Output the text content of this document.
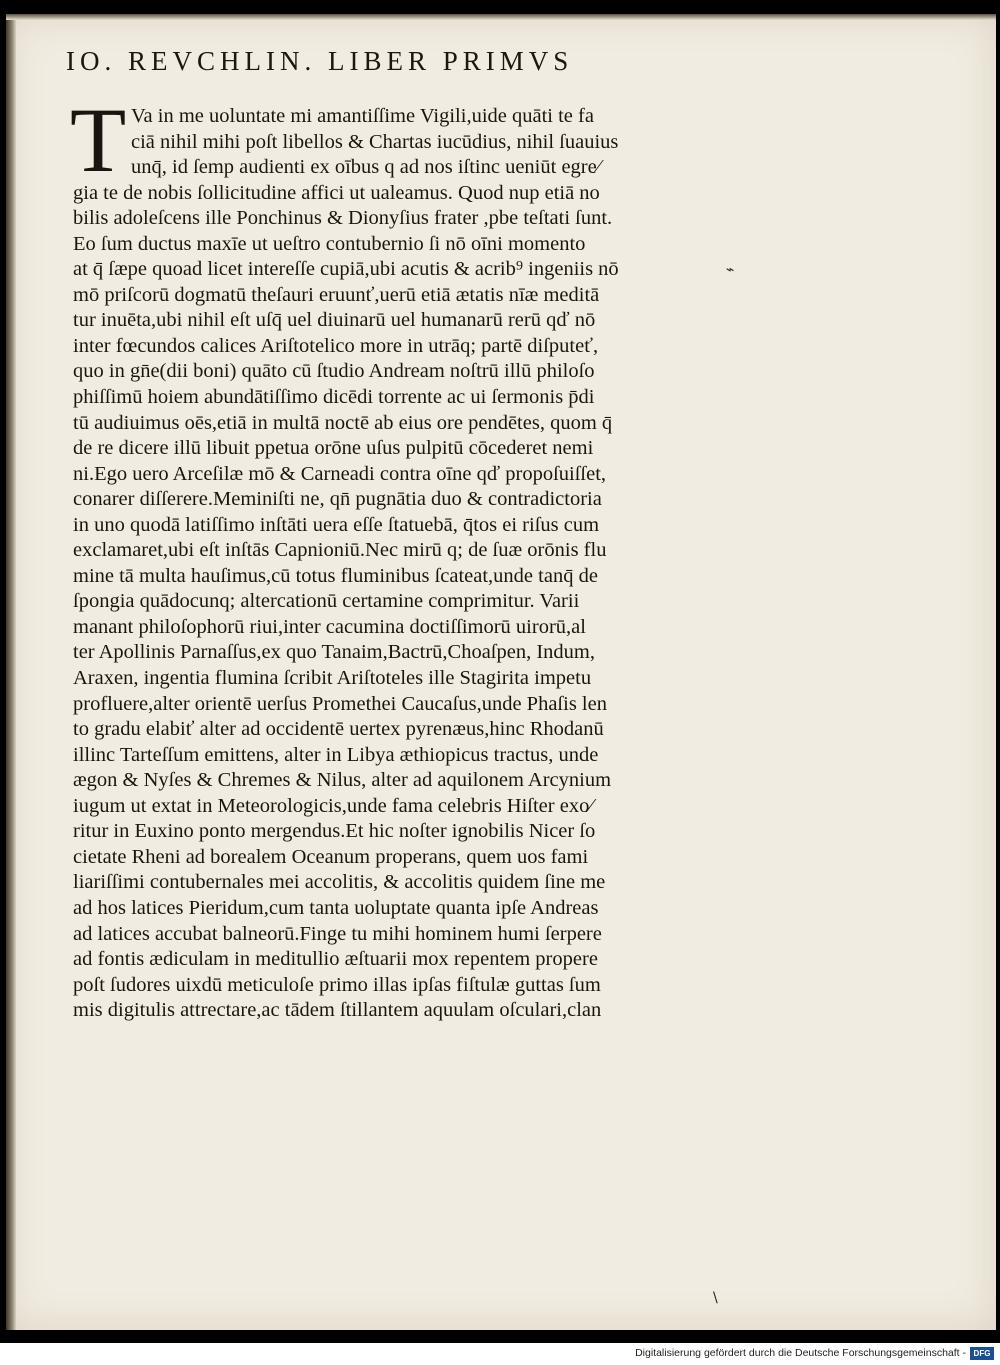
IO. REVCHLIN. LIBER PRIMVS
T Va in me uoluntate mi amantiſſime Vigili,uide quāti te fa
ciā nihil mihi poſt libellos & Chartas iucūdius, nihil ſuauius
unq̄, id ſemp audienti ex oībus q ad nos iſtinc ueniūt egre⁄
gia te de nobis ſollicitudine affici ut ualeamus. Quod nup etiā no
bilis adoleſcens ille Ponchinus & Dionyſius frater ,pbe teſtati ſunt.
Eo ſum ductus maxīe ut ueſtro contubernio ſi nō oīni momento
at q̄ ſæpe quoad licet intereſſe cupiā,ubi acutis & acrib⁹ ingeniis nō
mō priſcorū dogmatū theſauri eruunť,uerū etiā ætatis nīæ meditā
tur inuēta,ubi nihil eſt uſq̄ uel diuinarū uel humanarū rerū qď nō
inter fœcundos calices Ariſtotelico more in utrāq; partē diſputeť,
quo in gn̄e(dii boni) quāto cū ſtudio Andream noſtrū illū philoſo
phiſſimū hoiem abundātiſſimo dicēdi torrente ac ui ſermonis p̄di
tū audiuimus oēs,etiā in multā noctē ab eius ore pendētes, quom q̄
de re dicere illū libuit ppetua orōne uſus pulpitū cōcederet nemi
ni.Ego uero Arceſilæ mō & Carneadi contra oīne qď propoſuiſſet,
conarer diſſerere.Meminiſti ne, qn̄ pugnātia duo & contradictoria
in uno quodā latiſſimo inſtāti uera eſſe ſtatuebā, q̄tos ei riſus cum
exclamaret,ubi eſt inſtās Capnioniū.Nec mirū q; de ſuæ orōnis flu
mine tā multa hauſimus,cū totus fluminibus ſcateat,unde tanq̄ de
ſpongia quādocunq; altercationū certamine comprimitur. Varii
manant philoſophorū riui,inter cacumina doctiſſimorū uirorū,al
ter Apollinis Parnaſſus,ex quo Tanaim,Bactrū,Choaſpen, Indum,
Araxen, ingentia flumina ſcribit Ariſtoteles ille Stagirita impetu
profluere,alter orientē uerſus Promethei Caucaſus,unde Phaſis len
to gradu elabiť alter ad occidentē uertex pyrenæus,hinc Rhodanū
illinc Tarteſſum emittens, alter in Libya æthiopicus tractus, unde
ægon & Nyſes & Chremes & Nilus, alter ad aquilonem Arcynium
iugum ut extat in Meteorologicis,unde fama celebris Hiſter exo⁄
ritur in Euxino ponto mergendus.Et hic noſter ignobilis Nicer ſo
cietate Rheni ad borealem Oceanum properans, quem uos fami
liariſſimi contubernales mei accolitis, & accolitis quidem ſine me
ad hos latices Pieridum,cum tanta uoluptate quanta ipſe Andreas
ad latices accubat balneorū.Finge tu mihi hominem humi ſerpere
ad fontis ædiculam in meditullio æſtuarii mox repentem propere
poſt ſudores uixdū meticuloſe primo illas ipſas fiſtulæ guttas ſum
mis digitulis attrectare,ac tādem ſtillantem aquulam oſculari,clan
⌁
\
Digitalisierung gefördert durch die Deutsche Forschungsgemeinschaft - DFG
